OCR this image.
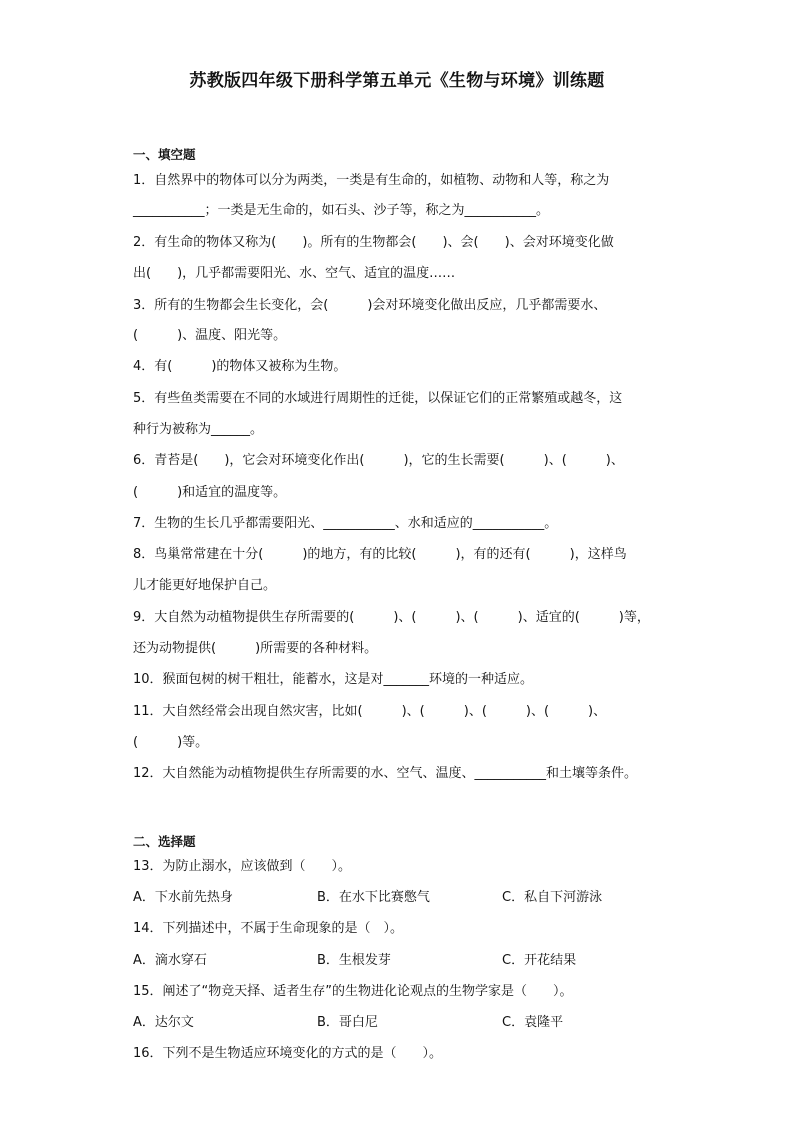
苏教版四年级下册科学第五单元《生物与环境》训练题
一、填空题
1．自然界中的物体可以分为两类，一类是有生命的，如植物、动物和人等，称之为
___________；一类是无生命的，如石头、沙子等，称之为___________。
2．有生命的物体又称为(　　)。所有的生物都会(　　)、会(　　)、会对环境变化做
出(　　)，几乎都需要阳光、水、空气、适宜的温度……
3．所有的生物都会生长变化，会(　　　)会对环境变化做出反应，几乎都需要水、
(　　　)、温度、阳光等。
4．有(　　　)的物体又被称为生物。
5．有些鱼类需要在不同的水域进行周期性的迁徙，以保证它们的正常繁殖或越冬，这
种行为被称为______。
6．青苔是(　　)，它会对环境变化作出(　　　)，它的生长需要(　　　)、(　　　)、
(　　　)和适宜的温度等。
7．生物的生长几乎都需要阳光、___________、水和适应的___________。
8．鸟巢常常建在十分(　　　)的地方，有的比较(　　　)，有的还有(　　　)，这样鸟
儿才能更好地保护自己。
9．大自然为动植物提供生存所需要的(　　　)、(　　　)、(　　　)、适宜的(　　　)等，
还为动物提供(　　　)所需要的各种材料。
10．猴面包树的树干粗壮，能蓄水，这是对_______环境的一种适应。
11．大自然经常会出现自然灾害，比如(　　　)、(　　　)、(　　　)、(　　　)、
(　　　)等。
12．大自然能为动植物提供生存所需要的水、空气、温度、___________和土壤等条件。
二、选择题
13．为防止溺水，应该做到（　　）。
A．下水前先热身	B．在水下比赛憋气	C．私自下河游泳
14．下列描述中，不属于生命现象的是（　）。
A．滴水穿石	B．生根发芽	C．开花结果
15．阐述了“物竞天择、适者生存”的生物进化论观点的生物学家是（　　）。
A．达尔文	B．哥白尼	C．袁隆平
16．下列不是生物适应环境变化的方式的是（　　）。
